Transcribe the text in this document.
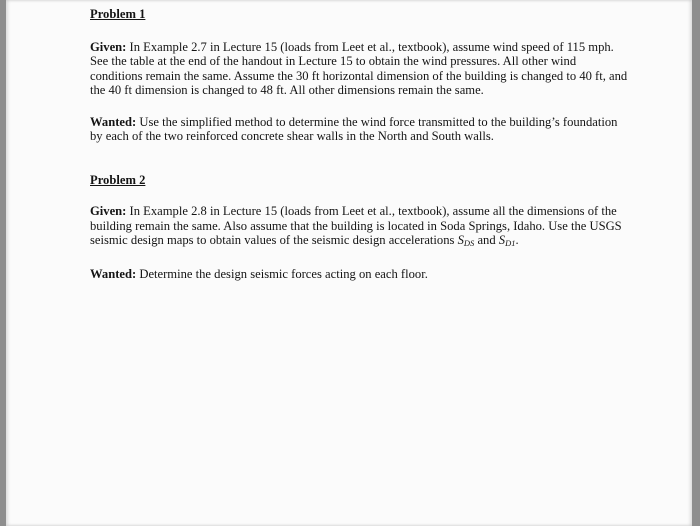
Problem 1

Given: In Example 2.7 in Lecture 15 (loads from Leet et al., textbook), assume wind speed of 115 mph. See the table at the end of the handout in Lecture 15 to obtain the wind pressures. All other wind conditions remain the same. Assume the 30 ft horizontal dimension of the building is changed to 40 ft, and the 40 ft dimension is changed to 48 ft. All other dimensions remain the same.

Wanted: Use the simplified method to determine the wind force transmitted to the building’s foundation by each of the two reinforced concrete shear walls in the North and South walls.

Problem 2

Given: In Example 2.8 in Lecture 15 (loads from Leet et al., textbook), assume all the dimensions of the building remain the same. Also assume that the building is located in Soda Springs, Idaho. Use the USGS seismic design maps to obtain values of the seismic design accelerations $S_{DS}$ and $S_{D1}$.

Wanted: Determine the design seismic forces acting on each floor.
